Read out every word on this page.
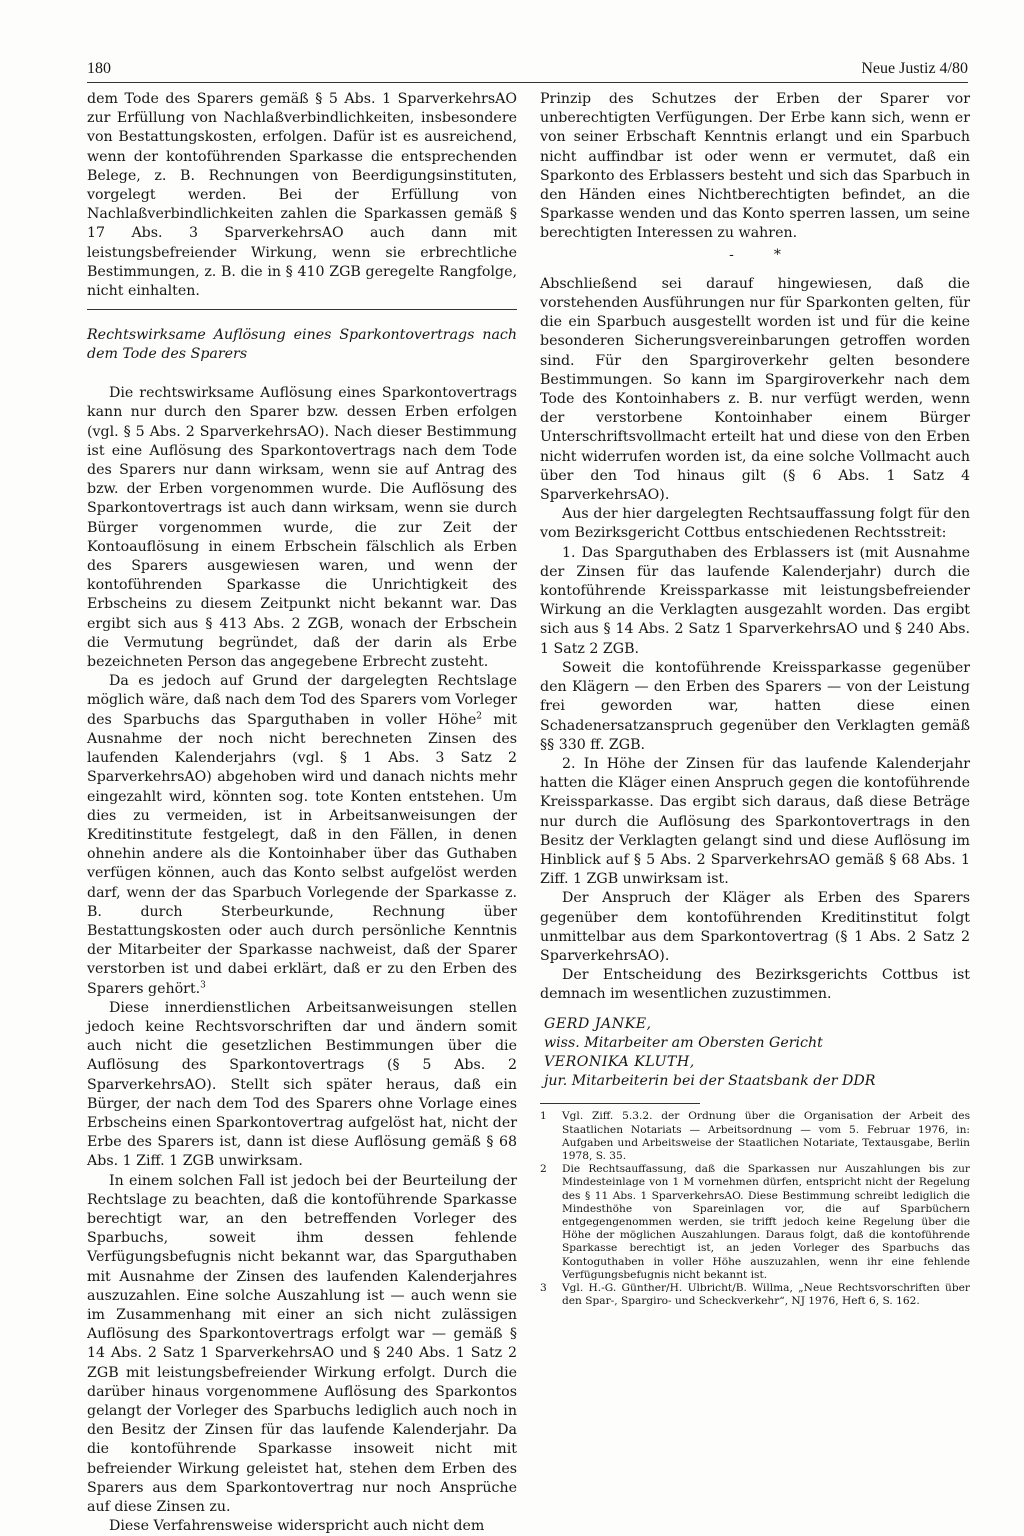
180	Neue Justiz 4/80

dem Tode des Sparers gemäß § 5 Abs. 1 SparverkehrsAO zur Erfüllung von Nachlaßverbindlichkeiten, insbesondere von Bestattungskosten, erfolgen. Dafür ist es ausreichend, wenn der kontoführenden Sparkasse die entsprechenden Belege, z. B. Rechnungen von Beerdigungsinstituten, vorgelegt werden. Bei der Erfüllung von Nachlaßverbindlichkeiten zahlen die Sparkassen gemäß § 17 Abs. 3 SparverkehrsAO auch dann mit leistungsbefreiender Wirkung, wenn sie erbrechtliche Bestimmungen, z. B. die in § 410 ZGB geregelte Rangfolge, nicht einhalten.

Rechtswirksame Auflösung eines Sparkontovertrags nach dem Tode des Sparers

Die rechtswirksame Auflösung eines Sparkontovertrags kann nur durch den Sparer bzw. dessen Erben erfolgen (vgl. § 5 Abs. 2 SparverkehrsAO). Nach dieser Bestimmung ist eine Auflösung des Sparkontovertrags nach dem Tode des Sparers nur dann wirksam, wenn sie auf Antrag des bzw. der Erben vorgenommen wurde. Die Auflösung des Sparkontovertrags ist auch dann wirksam, wenn sie durch Bürger vorgenommen wurde, die zur Zeit der Kontoauflösung in einem Erbschein fälschlich als Erben des Sparers ausgewiesen waren, und wenn der kontoführenden Sparkasse die Unrichtigkeit des Erbscheins zu diesem Zeitpunkt nicht bekannt war. Das ergibt sich aus § 413 Abs. 2 ZGB, wonach der Erbschein die Vermutung begründet, daß der darin als Erbe bezeichneten Person das angegebene Erbrecht zusteht.

Da es jedoch auf Grund der dargelegten Rechtslage möglich wäre, daß nach dem Tod des Sparers vom Vorleger des Sparbuchs das Sparguthaben in voller Höhe$^2$ mit Ausnahme der noch nicht berechneten Zinsen des laufenden Kalenderjahrs (vgl. § 1 Abs. 3 Satz 2 SparverkehrsAO) abgehoben wird und danach nichts mehr eingezahlt wird, könnten sog. tote Konten entstehen. Um dies zu vermeiden, ist in Arbeitsanweisungen der Kreditinstitute festgelegt, daß in den Fällen, in denen ohnehin andere als die Kontoinhaber über das Guthaben verfügen können, auch das Konto selbst aufgelöst werden darf, wenn der das Sparbuch Vorlegende der Sparkasse z. B. durch Sterbeurkunde, Rechnung über Bestattungskosten oder auch durch persönliche Kenntnis der Mitarbeiter der Sparkasse nachweist, daß der Sparer verstorben ist und dabei erklärt, daß er zu den Erben des Sparers gehört.$^3$

Diese innerdienstlichen Arbeitsanweisungen stellen jedoch keine Rechtsvorschriften dar und ändern somit auch nicht die gesetzlichen Bestimmungen über die Auflösung des Sparkontovertrags (§ 5 Abs. 2 SparverkehrsAO). Stellt sich später heraus, daß ein Bürger, der nach dem Tod des Sparers ohne Vorlage eines Erbscheins einen Sparkontovertrag aufgelöst hat, nicht der Erbe des Sparers ist, dann ist diese Auflösung gemäß § 68 Abs. 1 Ziff. 1 ZGB unwirksam.

In einem solchen Fall ist jedoch bei der Beurteilung der Rechtslage zu beachten, daß die kontoführende Sparkasse berechtigt war, an den betreffenden Vorleger des Sparbuchs, soweit ihm dessen fehlende Verfügungsbefugnis nicht bekannt war, das Sparguthaben mit Ausnahme der Zinsen des laufenden Kalenderjahres auszuzahlen. Eine solche Auszahlung ist — auch wenn sie im Zusammenhang mit einer an sich nicht zulässigen Auflösung des Sparkontovertrags erfolgt war — gemäß § 14 Abs. 2 Satz 1 SparverkehrsAO und § 240 Abs. 1 Satz 2 ZGB mit leistungsbefreiender Wirkung erfolgt. Durch die darüber hinaus vorgenommene Auflösung des Sparkontos gelangt der Vorleger des Sparbuchs lediglich auch noch in den Besitz der Zinsen für das laufende Kalenderjahr. Da die kontoführende Sparkasse insoweit nicht mit befreiender Wirkung geleistet hat, stehen dem Erben des Sparers aus dem Sparkontovertrag nur noch Ansprüche auf diese Zinsen zu.

Diese Verfahrensweise widerspricht auch nicht dem

Prinzip des Schutzes der Erben der Sparer vor unberechtigten Verfügungen. Der Erbe kann sich, wenn er von seiner Erbschaft Kenntnis erlangt und ein Sparbuch nicht auffindbar ist oder wenn er vermutet, daß ein Sparkonto des Erblassers besteht und sich das Sparbuch in den Händen eines Nichtberechtigten befindet, an die Sparkasse wenden und das Konto sperren lassen, um seine berechtigten Interessen zu wahren.

-	*

Abschließend sei darauf hingewiesen, daß die vorstehenden Ausführungen nur für Sparkonten gelten, für die ein Sparbuch ausgestellt worden ist und für die keine besonderen Sicherungsvereinbarungen getroffen worden sind. Für den Spargiroverkehr gelten besondere Bestimmungen. So kann im Spargiroverkehr nach dem Tode des Kontoinhabers z. B. nur verfügt werden, wenn der verstorbene Kontoinhaber einem Bürger Unterschriftsvollmacht erteilt hat und diese von den Erben nicht widerrufen worden ist, da eine solche Vollmacht auch über den Tod hinaus gilt (§ 6 Abs. 1 Satz 4 SparverkehrsAO).

Aus der hier dargelegten Rechtsauffassung folgt für den vom Bezirksgericht Cottbus entschiedenen Rechtsstreit:

1. Das Sparguthaben des Erblassers ist (mit Ausnahme der Zinsen für das laufende Kalenderjahr) durch die kontoführende Kreissparkasse mit leistungsbefreiender Wirkung an die Verklagten ausgezahlt worden. Das ergibt sich aus § 14 Abs. 2 Satz 1 SparverkehrsAO und § 240 Abs. 1 Satz 2 ZGB.

Soweit die kontoführende Kreissparkasse gegenüber den Klägern — den Erben des Sparers — von der Leistung frei geworden war, hatten diese einen Schadenersatzanspruch gegenüber den Verklagten gemäß §§ 330 ff. ZGB.

2. In Höhe der Zinsen für das laufende Kalenderjahr hatten die Kläger einen Anspruch gegen die kontoführende Kreissparkasse. Das ergibt sich daraus, daß diese Beträge nur durch die Auflösung des Sparkontovertrags in den Besitz der Verklagten gelangt sind und diese Auflösung im Hinblick auf § 5 Abs. 2 SparverkehrsAO gemäß § 68 Abs. 1 Ziff. 1 ZGB unwirksam ist.

Der Anspruch der Kläger als Erben des Sparers gegenüber dem kontoführenden Kreditinstitut folgt unmittelbar aus dem Sparkontovertrag (§ 1 Abs. 2 Satz 2 SparverkehrsAO).

Der Entscheidung des Bezirksgerichts Cottbus ist demnach im wesentlichen zuzustimmen.

GERD JANKE,

wiss. Mitarbeiter am Obersten Gericht

VERONIKA KLUTH,

jur. Mitarbeiterin bei der Staatsbank der DDR

1	Vgl. Ziff. 5.3.2. der Ordnung über die Organisation der Arbeit des Staatlichen Notariats — Arbeitsordnung — vom 5. Februar 1976, in: Aufgaben und Arbeitsweise der Staatlichen Notariate, Textausgabe, Berlin 1978, S. 35.
2	Die Rechtsauffassung, daß die Sparkassen nur Auszahlungen bis zur Mindesteinlage von 1 M vornehmen dürfen, entspricht nicht der Regelung des § 11 Abs. 1 SparverkehrsAO. Diese Bestimmung schreibt lediglich die Mindesthöhe von Spareinlagen vor, die auf Sparbüchern entgegengenommen werden, sie trifft jedoch keine Regelung über die Höhe der möglichen Auszahlungen. Daraus folgt, daß die kontoführende Sparkasse berechtigt ist, an jeden Vorleger des Sparbuchs das Kontoguthaben in voller Höhe auszuzahlen, wenn ihr eine fehlende Verfügungsbefugnis nicht bekannt ist.
3	Vgl. H.-G. Günther/H. Ulbricht/B. Willma, „Neue Rechtsvorschriften über den Spar-, Spargiro- und Scheckverkehr“, NJ 1976, Heft 6, S. 162.
